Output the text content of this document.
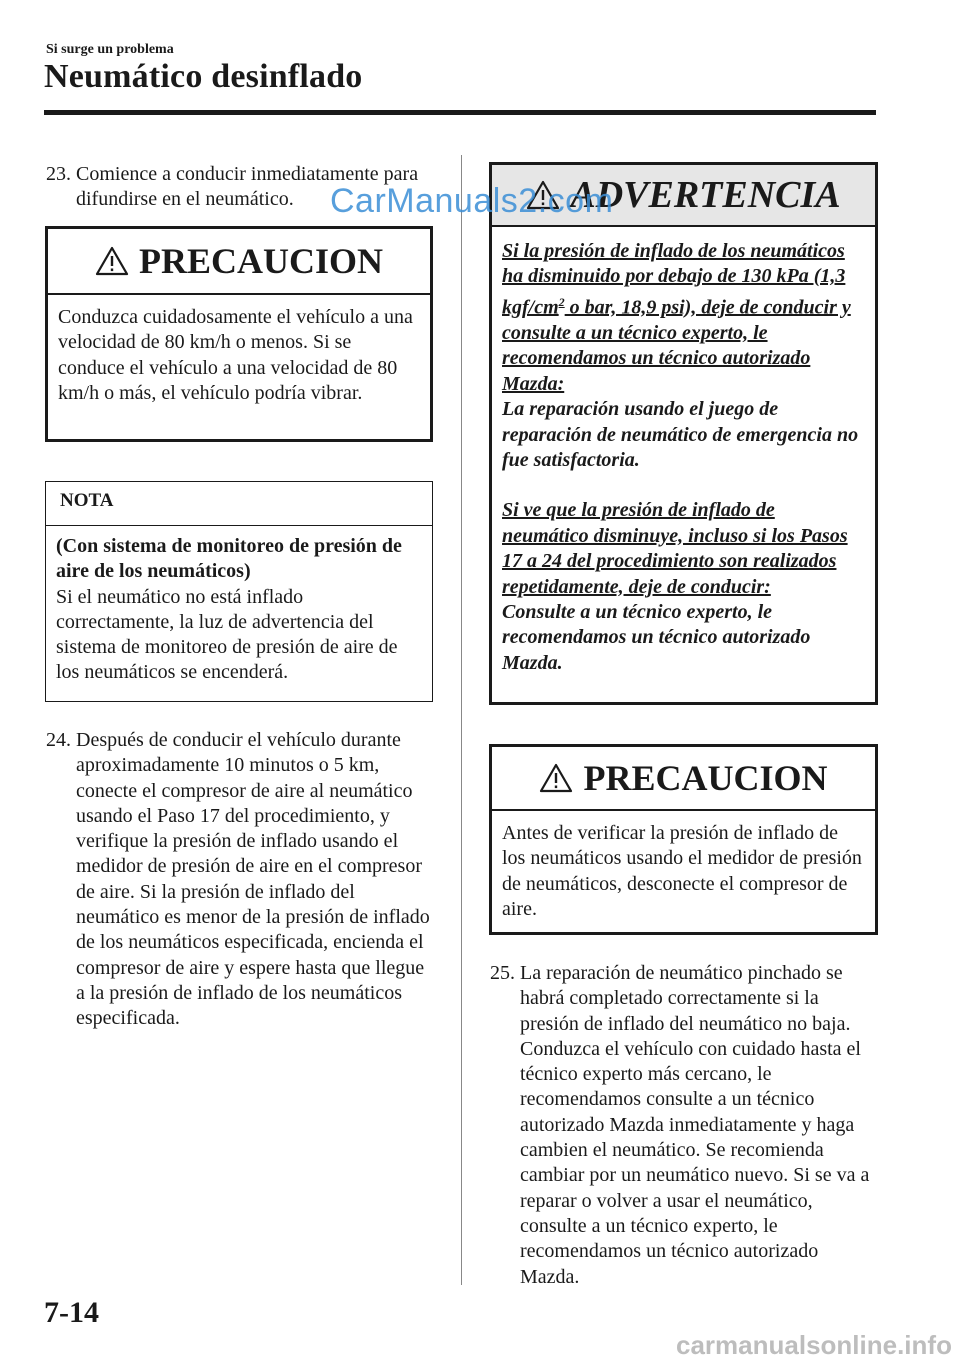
Si surge un problema
Neumático desinflado
23. Comience a conducir inmediatamente para difundirse en el neumático.
PRECAUCION
Conduzca cuidadosamente el vehículo a una velocidad de 80 km/h o menos. Si se conduce el vehículo a una velocidad de 80 km/h o más, el vehículo podría vibrar.
NOTA
(Con sistema de monitoreo de presión de aire de los neumáticos)
Si el neumático no está inflado correctamente, la luz de advertencia del sistema de monitoreo de presión de aire de los neumáticos se encenderá.
24. Después de conducir el vehículo durante aproximadamente 10 minutos o 5 km, conecte el compresor de aire al neumático usando el Paso 17 del procedimiento, y verifique la presión de inflado usando el medidor de presión de aire en el compresor de aire. Si la presión de inflado del neumático es menor de la presión de inflado de los neumáticos especificada, encienda el compresor de aire y espere hasta que llegue a la presión de inflado de los neumáticos especificada.
ADVERTENCIA
Si la presión de inflado de los neumáticos ha disminuido por debajo de 130 kPa (1,3 kgf/$cm^2$ o bar, 18,9 psi), deje de conducir y consulte a un técnico experto, le recomendamos un técnico autorizado Mazda:
La reparación usando el juego de reparación de neumático de emergencia no fue satisfactoria.
Si ve que la presión de inflado de neumático disminuye, incluso si los Pasos 17 a 24 del procedimiento son realizados repetidamente, deje de conducir:
Consulte a un técnico experto, le recomendamos un técnico autorizado Mazda.
PRECAUCION
Antes de verificar la presión de inflado de los neumáticos usando el medidor de presión de neumáticos, desconecte el compresor de aire.
25. La reparación de neumático pinchado se habrá completado correctamente si la presión de inflado del neumático no baja. Conduzca el vehículo con cuidado hasta el técnico experto más cercano, le recomendamos consulte a un técnico autorizado Mazda inmediatamente y haga cambien el neumático. Se recomienda cambiar por un neumático nuevo. Si se va a reparar o volver a usar el neumático, consulte a un técnico experto, le recomendamos un técnico autorizado Mazda.
7-14
CarManuals2.com
carmanualsonline.info
